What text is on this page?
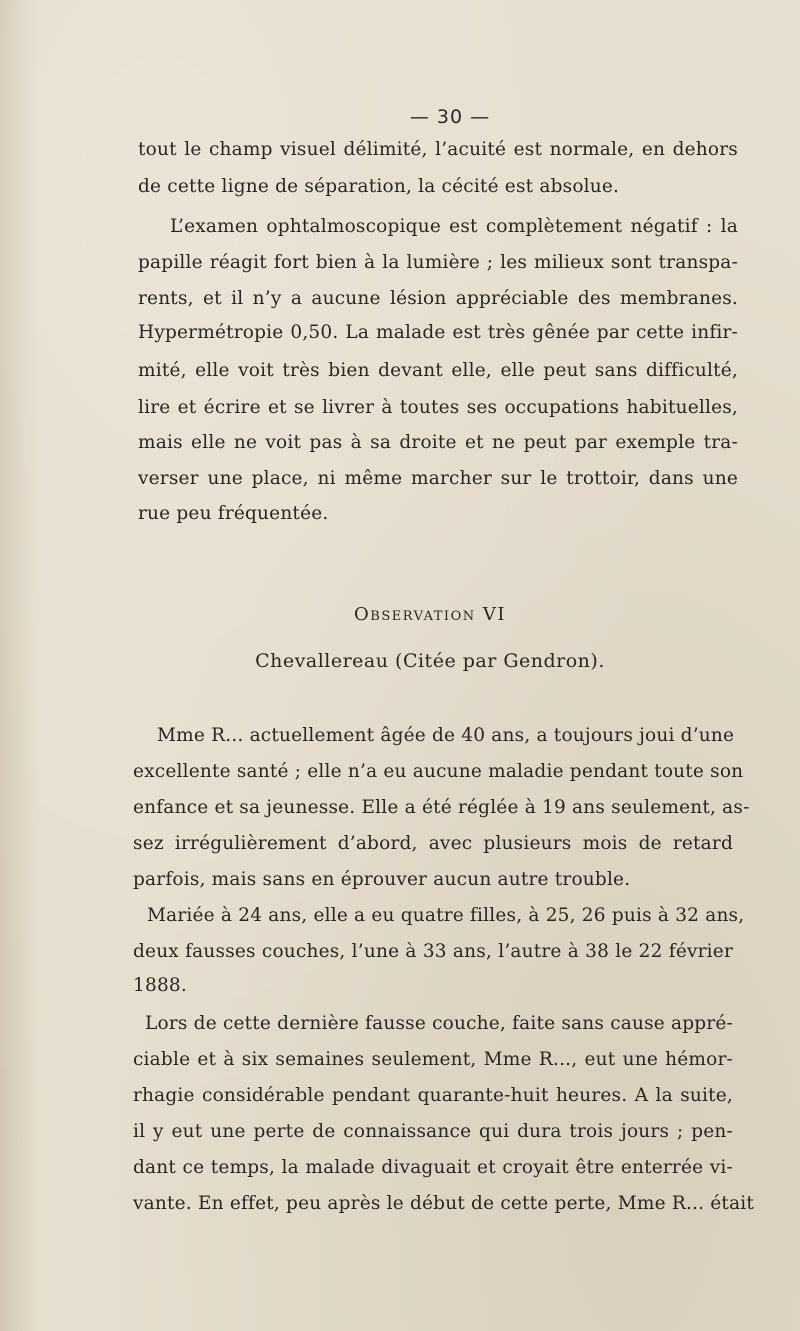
— 30 —
tout le champ visuel délimité, l’acuité est normale, en dehors
de cette ligne de séparation, la cécité est absolue.
L’examen ophtalmoscopique est complètement négatif : la
papille réagit fort bien à la lumière ; les milieux sont transpa-
rents, et il n’y a aucune lésion appréciable des membranes.
Hypermétropie 0,50. La malade est très gênée par cette infir-
mité, elle voit très bien devant elle, elle peut sans difficulté,
lire et écrire et se livrer à toutes ses occupations habituelles,
mais elle ne voit pas à sa droite et ne peut par exemple tra-
verser une place, ni même marcher sur le trottoir, dans une
rue peu fréquentée.
Observation VI
Chevallereau (Citée par Gendron).
Mme R... actuellement âgée de 40 ans, a toujours joui d’une
excellente santé ; elle n’a eu aucune maladie pendant toute son
enfance et sa jeunesse. Elle a été réglée à 19 ans seulement, as-
sez irrégulièrement d’abord, avec plusieurs mois de retard
parfois, mais sans en éprouver aucun autre trouble.
Mariée à 24 ans, elle a eu quatre filles, à 25, 26 puis à 32 ans,
deux fausses couches, l’une à 33 ans, l’autre à 38 le 22 février
1888.
Lors de cette dernière fausse couche, faite sans cause appré-
ciable et à six semaines seulement, Mme R..., eut une hémor-
rhagie considérable pendant quarante-huit heures. A la suite,
il y eut une perte de connaissance qui dura trois jours ; pen-
dant ce temps, la malade divaguait et croyait être enterrée vi-
vante. En effet, peu après le début de cette perte, Mme R... était
